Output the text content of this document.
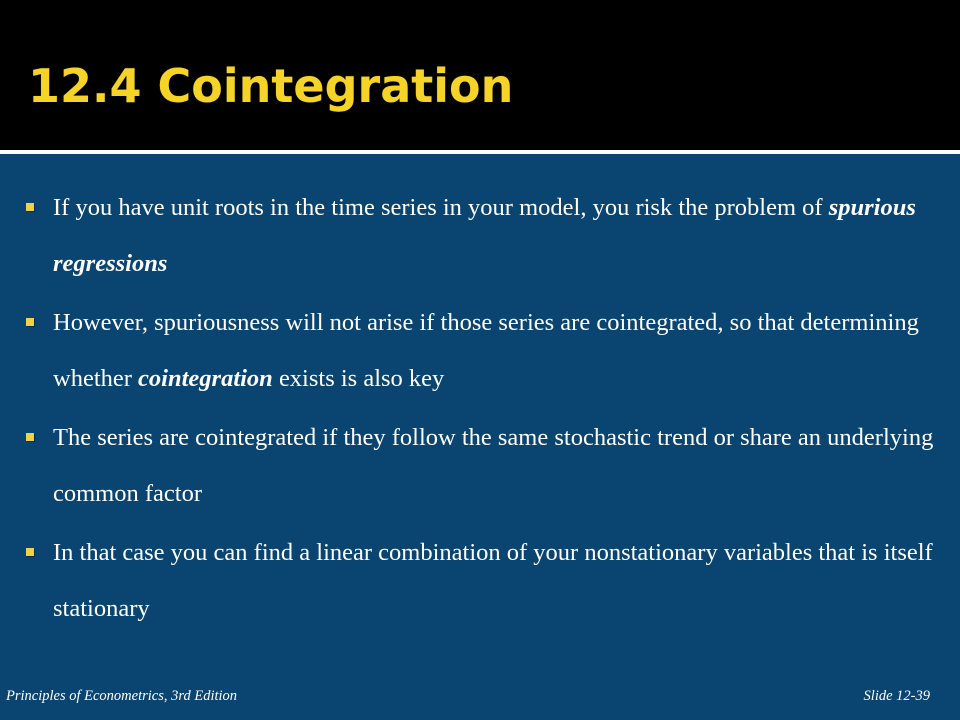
12.4 Cointegration
If you have unit roots in the time series in your model, you risk the problem of spurious regressions
However, spuriousness will not arise if those series are cointegrated, so that determining whether cointegration exists is also key
The series are cointegrated if they follow the same stochastic trend or share an underlying common factor
In that case you can find a linear combination of your nonstationary variables that is itself stationary
Principles of Econometrics, 3rd Edition	Slide 12-39
